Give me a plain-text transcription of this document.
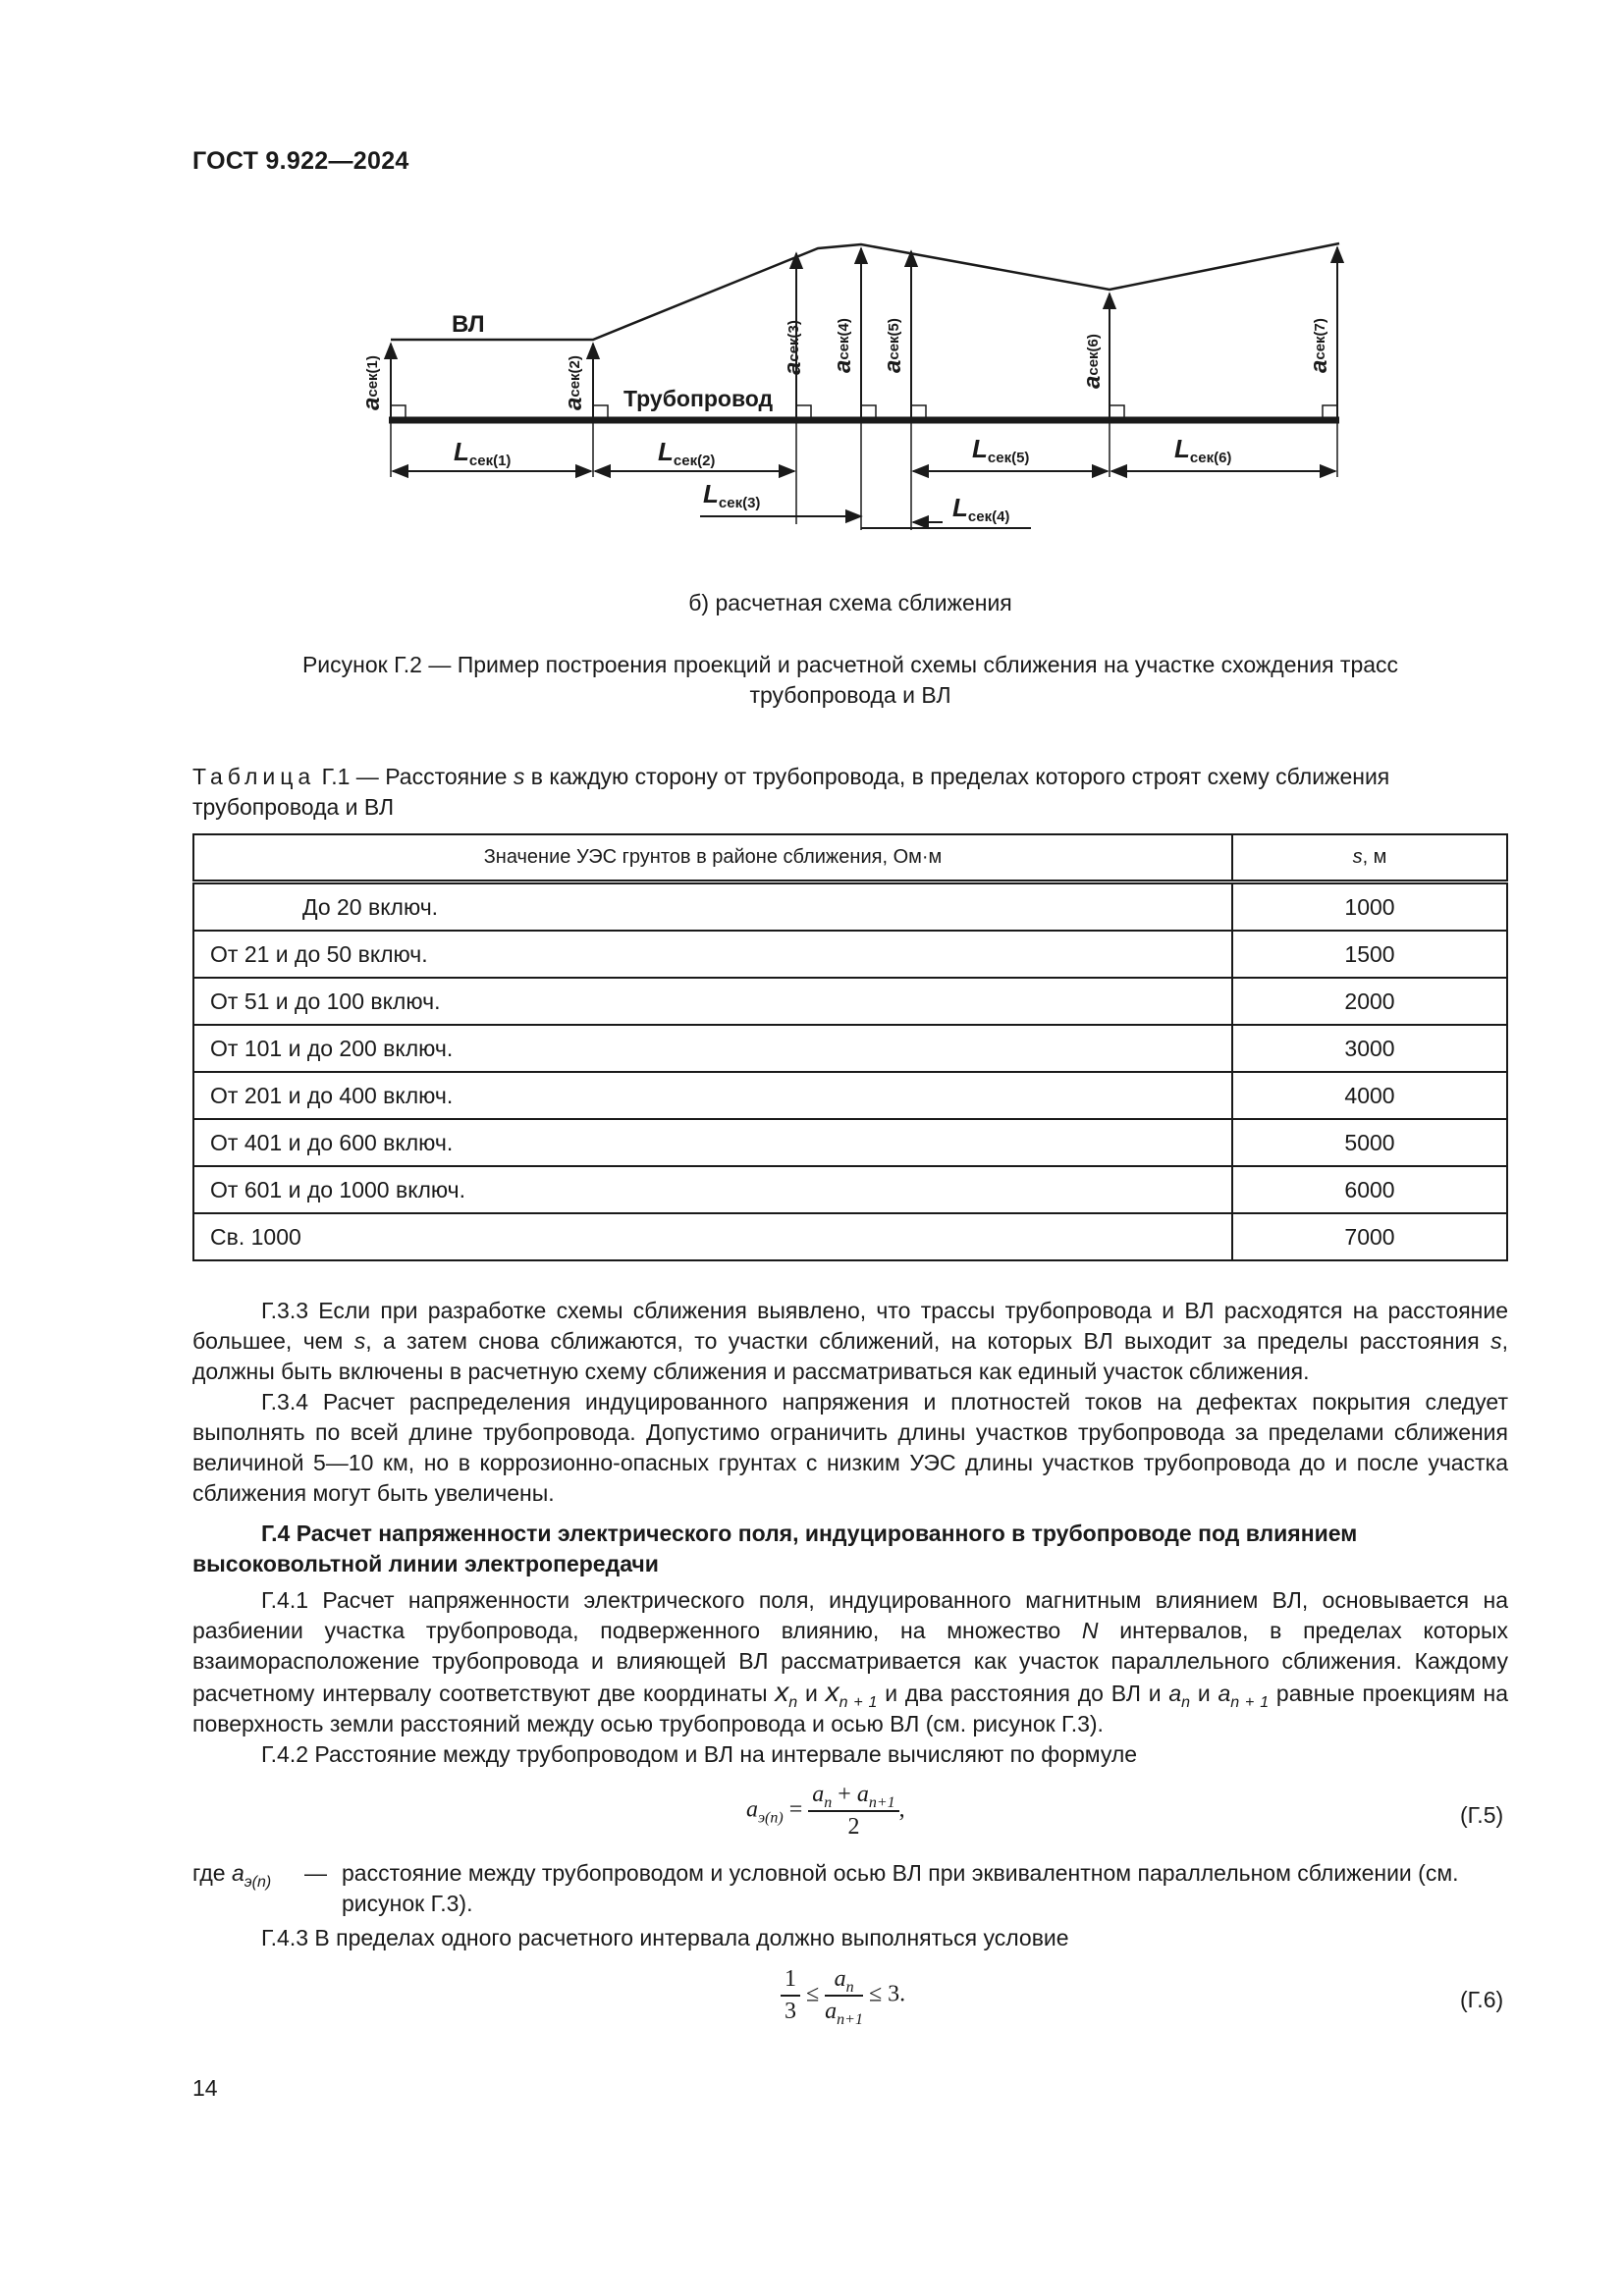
ГОСТ 9.922—2024
ВЛ
Трубопровод
aсек(1)
aсек(2)	aсек(3)
aсек(4)
aсек(5)
aсек(6)	aсек(7)
Lсек(1)	Lсек(2)
Lсек(3)	Lсек(4)
Lсек(5)	Lсек(6)
б) расчетная схема сближения
Рисунок Г.2 — Пример построения проекций и расчетной схемы сближения на участке схождения трасс
трубопровода и ВЛ
Таблица Г.1 — Расстояние s в каждую сторону от трубопровода, в пределах которого строят схему сближения трубопровода и ВЛ
Значение УЭС грунтов в районе сближения, Ом·м	s, м
До 20 включ.	1000
От 21 и до 50 включ.	1500
От 51 и до 100 включ.	2000
От 101 и до 200 включ.	3000
От 201 и до 400 включ.	4000
От 401 и до 600 включ.	5000
От 601 и до 1000 включ.	6000
Св. 1000	7000

Г.3.3 Если при разработке схемы сближения выявлено, что трассы трубопровода и ВЛ расходятся на расстояние большее, чем s, а затем снова сближаются, то участки сближений, на которых ВЛ выходит за пределы расстояния s, должны быть включены в расчетную схему сближения и рассматриваться как единый участок сближения.

Г.3.4 Расчет распределения индуцированного напряжения и плотностей токов на дефектах покрытия следует выполнять по всей длине трубопровода. Допустимо ограничить длины участков трубопровода за пределами сближения величиной 5—10 км, но в коррозионно-опасных грунтах с низким УЭС длины участков трубопровода до и после участка сближения могут быть увеличены.

Г.4 Расчет напряженности электрического поля, индуцированного в трубопроводе под влиянием высоковольтной линии электропередачи

Г.4.1 Расчет напряженности электрического поля, индуцированного магнитным влиянием ВЛ, основывается на разбиении участка трубопровода, подверженного влиянию, на множество N интервалов, в пределах которых взаиморасположение трубопровода и влияющей ВЛ рассматривается как участок параллельного сближения. Каждому расчетному интервалу соответствуют две координаты $x_n$ и $x_{n + 1}$ и два расстояния до ВЛ и $a_n$ и $a_{n + 1}$ равные проекциям на поверхность земли расстояний между осью трубопровода и осью ВЛ (см. рисунок Г.3).

Г.4.2 Расстояние между трубопроводом и ВЛ на интервале вычисляют по формуле

$a_{э(n)} = \frac{a_n + a_{n+1}}{2}$ ,	(Г.5)
где $a_{э(n)}$ — расстояние между трубопроводом и условной осью ВЛ при эквивалентном параллельном сближении (см. рисунок Г.3).

Г.4.3 В пределах одного расчетного интервала должно выполняться условие

$\frac{1}{3} \le \frac{a_n}{a_{n+1}} \le 3$.	(Г.6)
14
